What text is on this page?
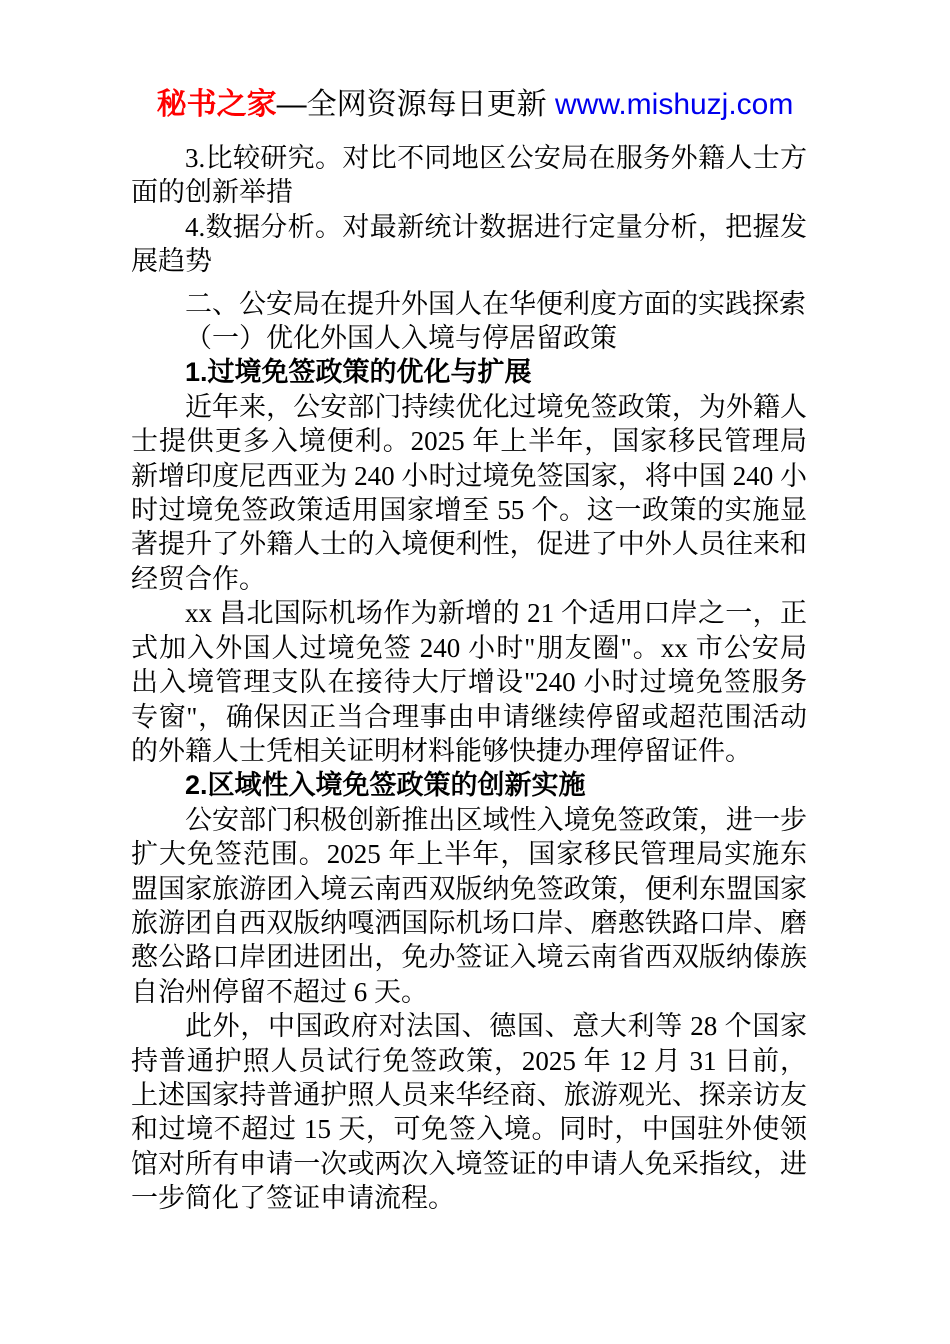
秘书之家—全网资源每日更新 www.mishuzj.com

3.比较研究。对比不同地区公安局在服务外籍人士方面的创新举措

4.数据分析。对最新统计数据进行定量分析，把握发展趋势

二、公安局在提升外国人在华便利度方面的实践探索

（一）优化外国人入境与停居留政策

1.过境免签政策的优化与扩展

近年来，公安部门持续优化过境免签政策，为外籍人士提供更多入境便利。2025 年上半年，国家移民管理局新增印度尼西亚为 240 小时过境免签国家，将中国 240 小时过境免签政策适用国家增至 55 个。这一政策的实施显著提升了外籍人士的入境便利性，促进了中外人员往来和经贸合作。

xx 昌北国际机场作为新增的 21 个适用口岸之一，正式加入外国人过境免签 240 小时"朋友圈"。xx 市公安局出入境管理支队在接待大厅增设"240 小时过境免签服务专窗"，确保因正当合理事由申请继续停留或超范围活动的外籍人士凭相关证明材料能够快捷办理停留证件。

2.区域性入境免签政策的创新实施

公安部门积极创新推出区域性入境免签政策，进一步扩大免签范围。2025 年上半年，国家移民管理局实施东盟国家旅游团入境云南西双版纳免签政策，便利东盟国家旅游团自西双版纳嘎洒国际机场口岸、磨憨铁路口岸、磨憨公路口岸团进团出，免办签证入境云南省西双版纳傣族自治州停留不超过 6 天。

此外，中国政府对法国、德国、意大利等 28 个国家持普通护照人员试行免签政策，2025 年 12 月 31 日前，上述国家持普通护照人员来华经商、旅游观光、探亲访友和过境不超过 15 天，可免签入境。同时，中国驻外使领馆对所有申请一次或两次入境签证的申请人免采指纹，进一步简化了签证申请流程。
